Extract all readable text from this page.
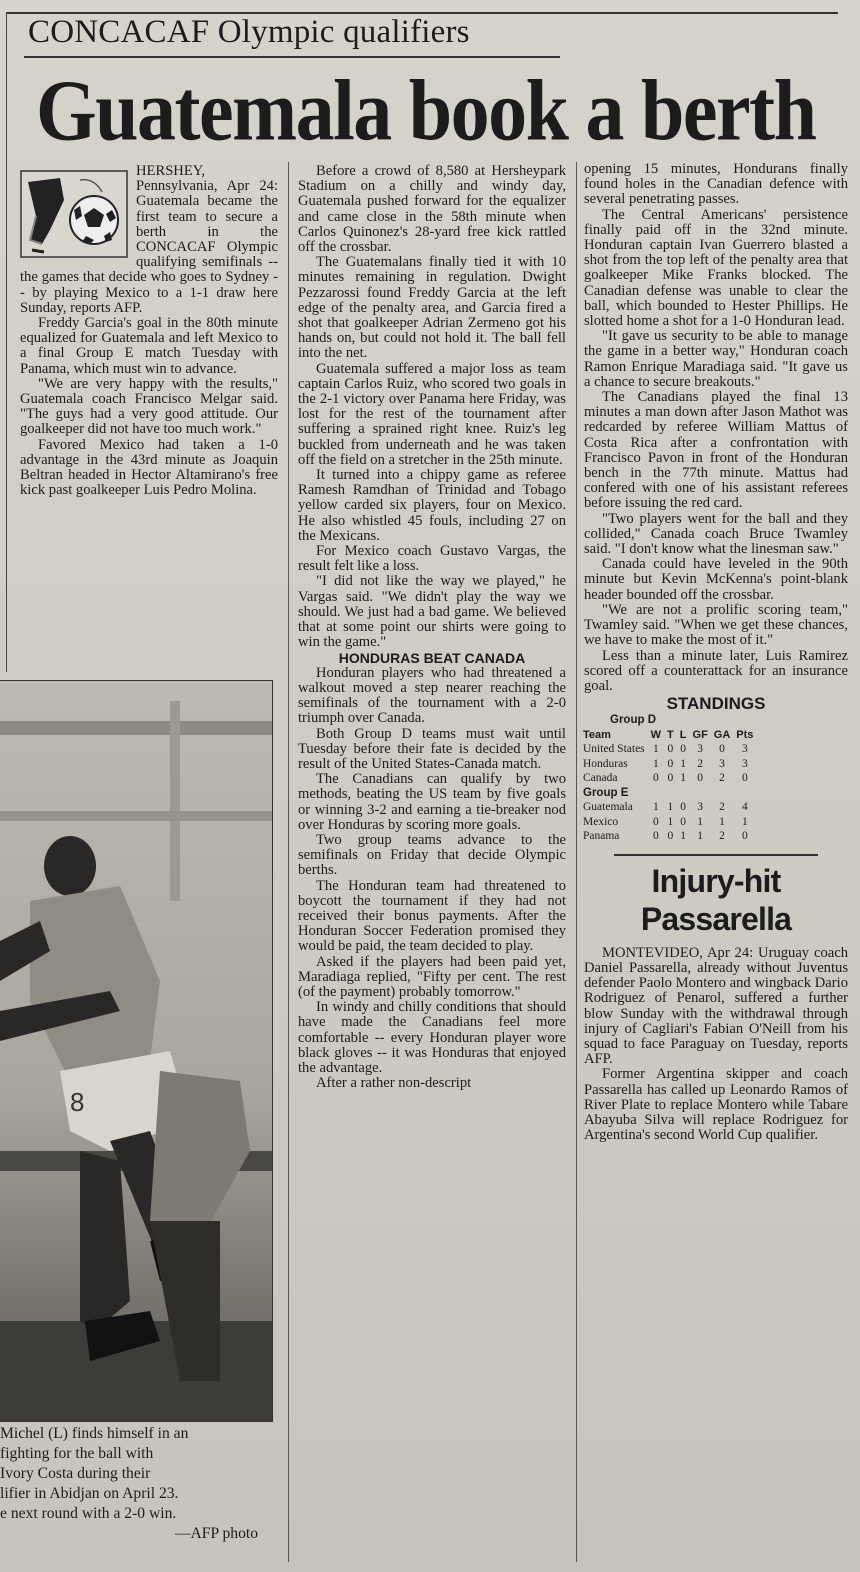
CONCACAF Olympic qualifiers
Guatemala book a berth

HERSHEY, Pennsylvania, Apr 24: Guatemala became the first team to secure a berth in the CONCACAF Olympic qualifying semifinals -- the games that decide who goes to Sydney -- by playing Mexico to a 1-1 draw here Sunday, reports AFP.

Freddy Garcia's goal in the 80th minute equalized for Guatemala and left Mexico to a final Group E match Tuesday with Panama, which must win to advance.

"We are very happy with the results," Guatemala coach Francisco Melgar said. "The guys had a very good attitude. Our goalkeeper did not have too much work."

Favored Mexico had taken a 1-0 advantage in the 43rd minute as Joaquin Beltran headed in Hector Altamirano's free kick past goalkeeper Luis Pedro Molina.

8
Michel (L) finds himself in an
fighting for the ball with
Ivory Costa during their
lifier in Abidjan on April 23.
e next round with a 2-0 win.
—AFP photo

Before a crowd of 8,580 at Hersheypark Stadium on a chilly and windy day, Guatemala pushed forward for the equalizer and came close in the 58th minute when Carlos Quinonez's 28-yard free kick rattled off the crossbar.

The Guatemalans finally tied it with 10 minutes remaining in regulation. Dwight Pezzarossi found Freddy Garcia at the left edge of the penalty area, and Garcia fired a shot that goalkeeper Adrian Zermeno got his hands on, but could not hold it. The ball fell into the net.

Guatemala suffered a major loss as team captain Carlos Ruiz, who scored two goals in the 2-1 victory over Panama here Friday, was lost for the rest of the tournament after suffering a sprained right knee. Ruiz's leg buckled from underneath and he was taken off the field on a stretcher in the 25th minute.

It turned into a chippy game as referee Ramesh Ramdhan of Trinidad and Tobago yellow carded six players, four on Mexico. He also whistled 45 fouls, including 27 on the Mexicans.

For Mexico coach Gustavo Vargas, the result felt like a loss.

"I did not like the way we played," he Vargas said. "We didn't play the way we should. We just had a bad game. We believed that at some point our shirts were going to win the game."

HONDURAS BEAT CANADA

Honduran players who had threatened a walkout moved a step nearer reaching the semifinals of the tournament with a 2-0 triumph over Canada.

Both Group D teams must wait until Tuesday before their fate is decided by the result of the United States-Canada match.

The Canadians can qualify by two methods, beating the US team by five goals or winning 3-2 and earning a tie-breaker nod over Honduras by scoring more goals.

Two group teams advance to the semifinals on Friday that decide Olympic berths.

The Honduran team had threatened to boycott the tournament if they had not received their bonus payments. After the Honduran Soccer Federation promised they would be paid, the team decided to play.

Asked if the players had been paid yet, Maradiaga replied, "Fifty per cent. The rest (of the payment) probably tomorrow."

In windy and chilly conditions that should have made the Canadians feel more comfortable -- every Honduran player wore black gloves -- it was Honduras that enjoyed the advantage.

After a rather non-descript

opening 15 minutes, Hondurans finally found holes in the Canadian defence with several penetrating passes.

The Central Americans' persistence finally paid off in the 32nd minute. Honduran captain Ivan Guerrero blasted a shot from the top left of the penalty area that goalkeeper Mike Franks blocked. The Canadian defense was unable to clear the ball, which bounded to Hester Phillips. He slotted home a shot for a 1-0 Honduran lead.

"It gave us security to be able to manage the game in a better way," Honduran coach Ramon Enrique Maradiaga said. "It gave us a chance to secure breakouts."

The Canadians played the final 13 minutes a man down after Jason Mathot was redcarded by referee William Mattus of Costa Rica after a confrontation with Francisco Pavon in front of the Honduran bench in the 77th minute. Mattus had confered with one of his assistant referees before issuing the red card.

"Two players went for the ball and they collided," Canada coach Bruce Twamley said. "I don't know what the linesman saw."

Canada could have leveled in the 90th minute but Kevin McKenna's point-blank header bounded off the crossbar.

"We are not a prolific scoring team," Twamley said. "When we get these chances, we have to make the most of it."

Less than a minute later, Luis Ramirez scored off a counterattack for an insurance goal.

STANDINGS
Group D						
Team	W	T	L	GF	GA	Pts
United States	1	0	0	3	0	3
Honduras	1	0	1	2	3	3
Canada	0	0	1	0	2	0
Group E						
Guatemala	1	1	0	3	2	4
Mexico	0	1	0	1	1	1
Panama	0	0	1	1	2	0
Injury-hit
Passarella

MONTEVIDEO, Apr 24: Uruguay coach Daniel Passarella, already without Juventus defender Paolo Montero and wingback Dario Rodriguez of Penarol, suffered a further blow Sunday with the withdrawal through injury of Cagliari's Fabian O'Neill from his squad to face Paraguay on Tuesday, reports AFP.

Former Argentina skipper and coach Passarella has called up Leonardo Ramos of River Plate to replace Montero while Tabare Abayuba Silva will replace Rodriguez for Argentina's second World Cup qualifier.
